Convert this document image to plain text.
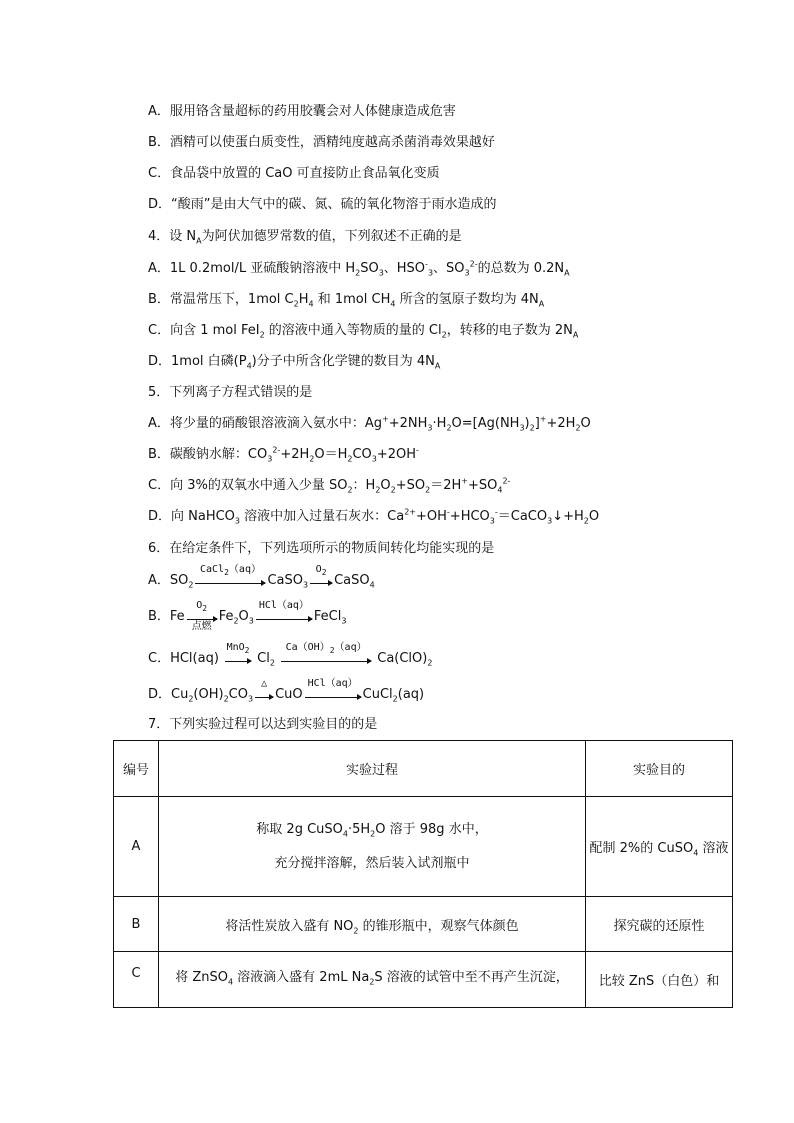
A．服用铬含量超标的药用胶囊会对人体健康造成危害
B．酒精可以使蛋白质变性，酒精纯度越高杀菌消毒效果越好
C．食品袋中放置的 CaO 可直接防止食品氧化变质
D．“酸雨”是由大气中的碳、氮、硫的氧化物溶于雨水造成的
4．设 $N_A$为阿伏加德罗常数的值，下列叙述不正确的是
A．1L 0.2mol/L 亚硫酸钠溶液中 $H_2SO_3$、$HSO^-_3$、$SO_3^{2-}$的总数为 $0.2N_A$
B．常温常压下，1mol $C_2H_4$ 和 1mol $CH_4$ 所含的氢原子数均为 $4N_A$
C．向含 1 mol FeI$_2$ 的溶液中通入等物质的量的 $Cl_2$，转移的电子数为 $2N_A$
D．1mol 白磷$(P_4)$分子中所含化学键的数目为 $4N_A$
5．下列离子方程式错误的是
A．将少量的硝酸银溶液滴入氨水中：$Ag^++2NH_3\cdot H_2O=[Ag(NH_3)_2]^++2H_2O$
B．碳酸钠水解：$CO_3^{2-}+2H_2O=H_2CO_3+2OH^-$
C．向 3%的双氧水中通入少量 $SO_2$：$H_2O_2+SO_2=2H^++SO_4^{2-}$
D．向 NaHCO$_3$ 溶液中加入过量石灰水：$Ca^{2+}+OH^-+HCO_3^-=CaCO_3↓+H_2O$
6．在给定条件下，下列选项所示的物质间转化均能实现的是
A．$SO_2$
CaCl$_2$（aq）
CaSO$_3$
$O_2$
CaSO$_4$
B．Fe
$O_2$
点燃
$Fe_2O_3$
HCl（aq）
FeCl$_3$
C．HCl(aq)
MnO$_2$
$Cl_2$
$Ca(OH)_2(aq)$
$Ca(ClO)_2$
D．$Cu_2(OH)_2CO_3$
△
CuO
HCl（aq）
CuCl$_2$(aq)
7．下列实验过程可以达到实验目的的是
编号	实验过程	实验目的
A	称取 2g $CuSO_4\cdot 5H_2O$ 溶于 98g 水中，
充分搅拌溶解，然后装入试剂瓶中	配制 2%的 CuSO$_4$ 溶液
B	将活性炭放入盛有 $NO_2$ 的锥形瓶中，观察气体颜色	探究碳的还原性
C	将 ZnSO$_4$ 溶液滴入盛有 2mL $Na_2S$ 溶液的试管中至不再产生沉淀，	比较 ZnS（白色）和
